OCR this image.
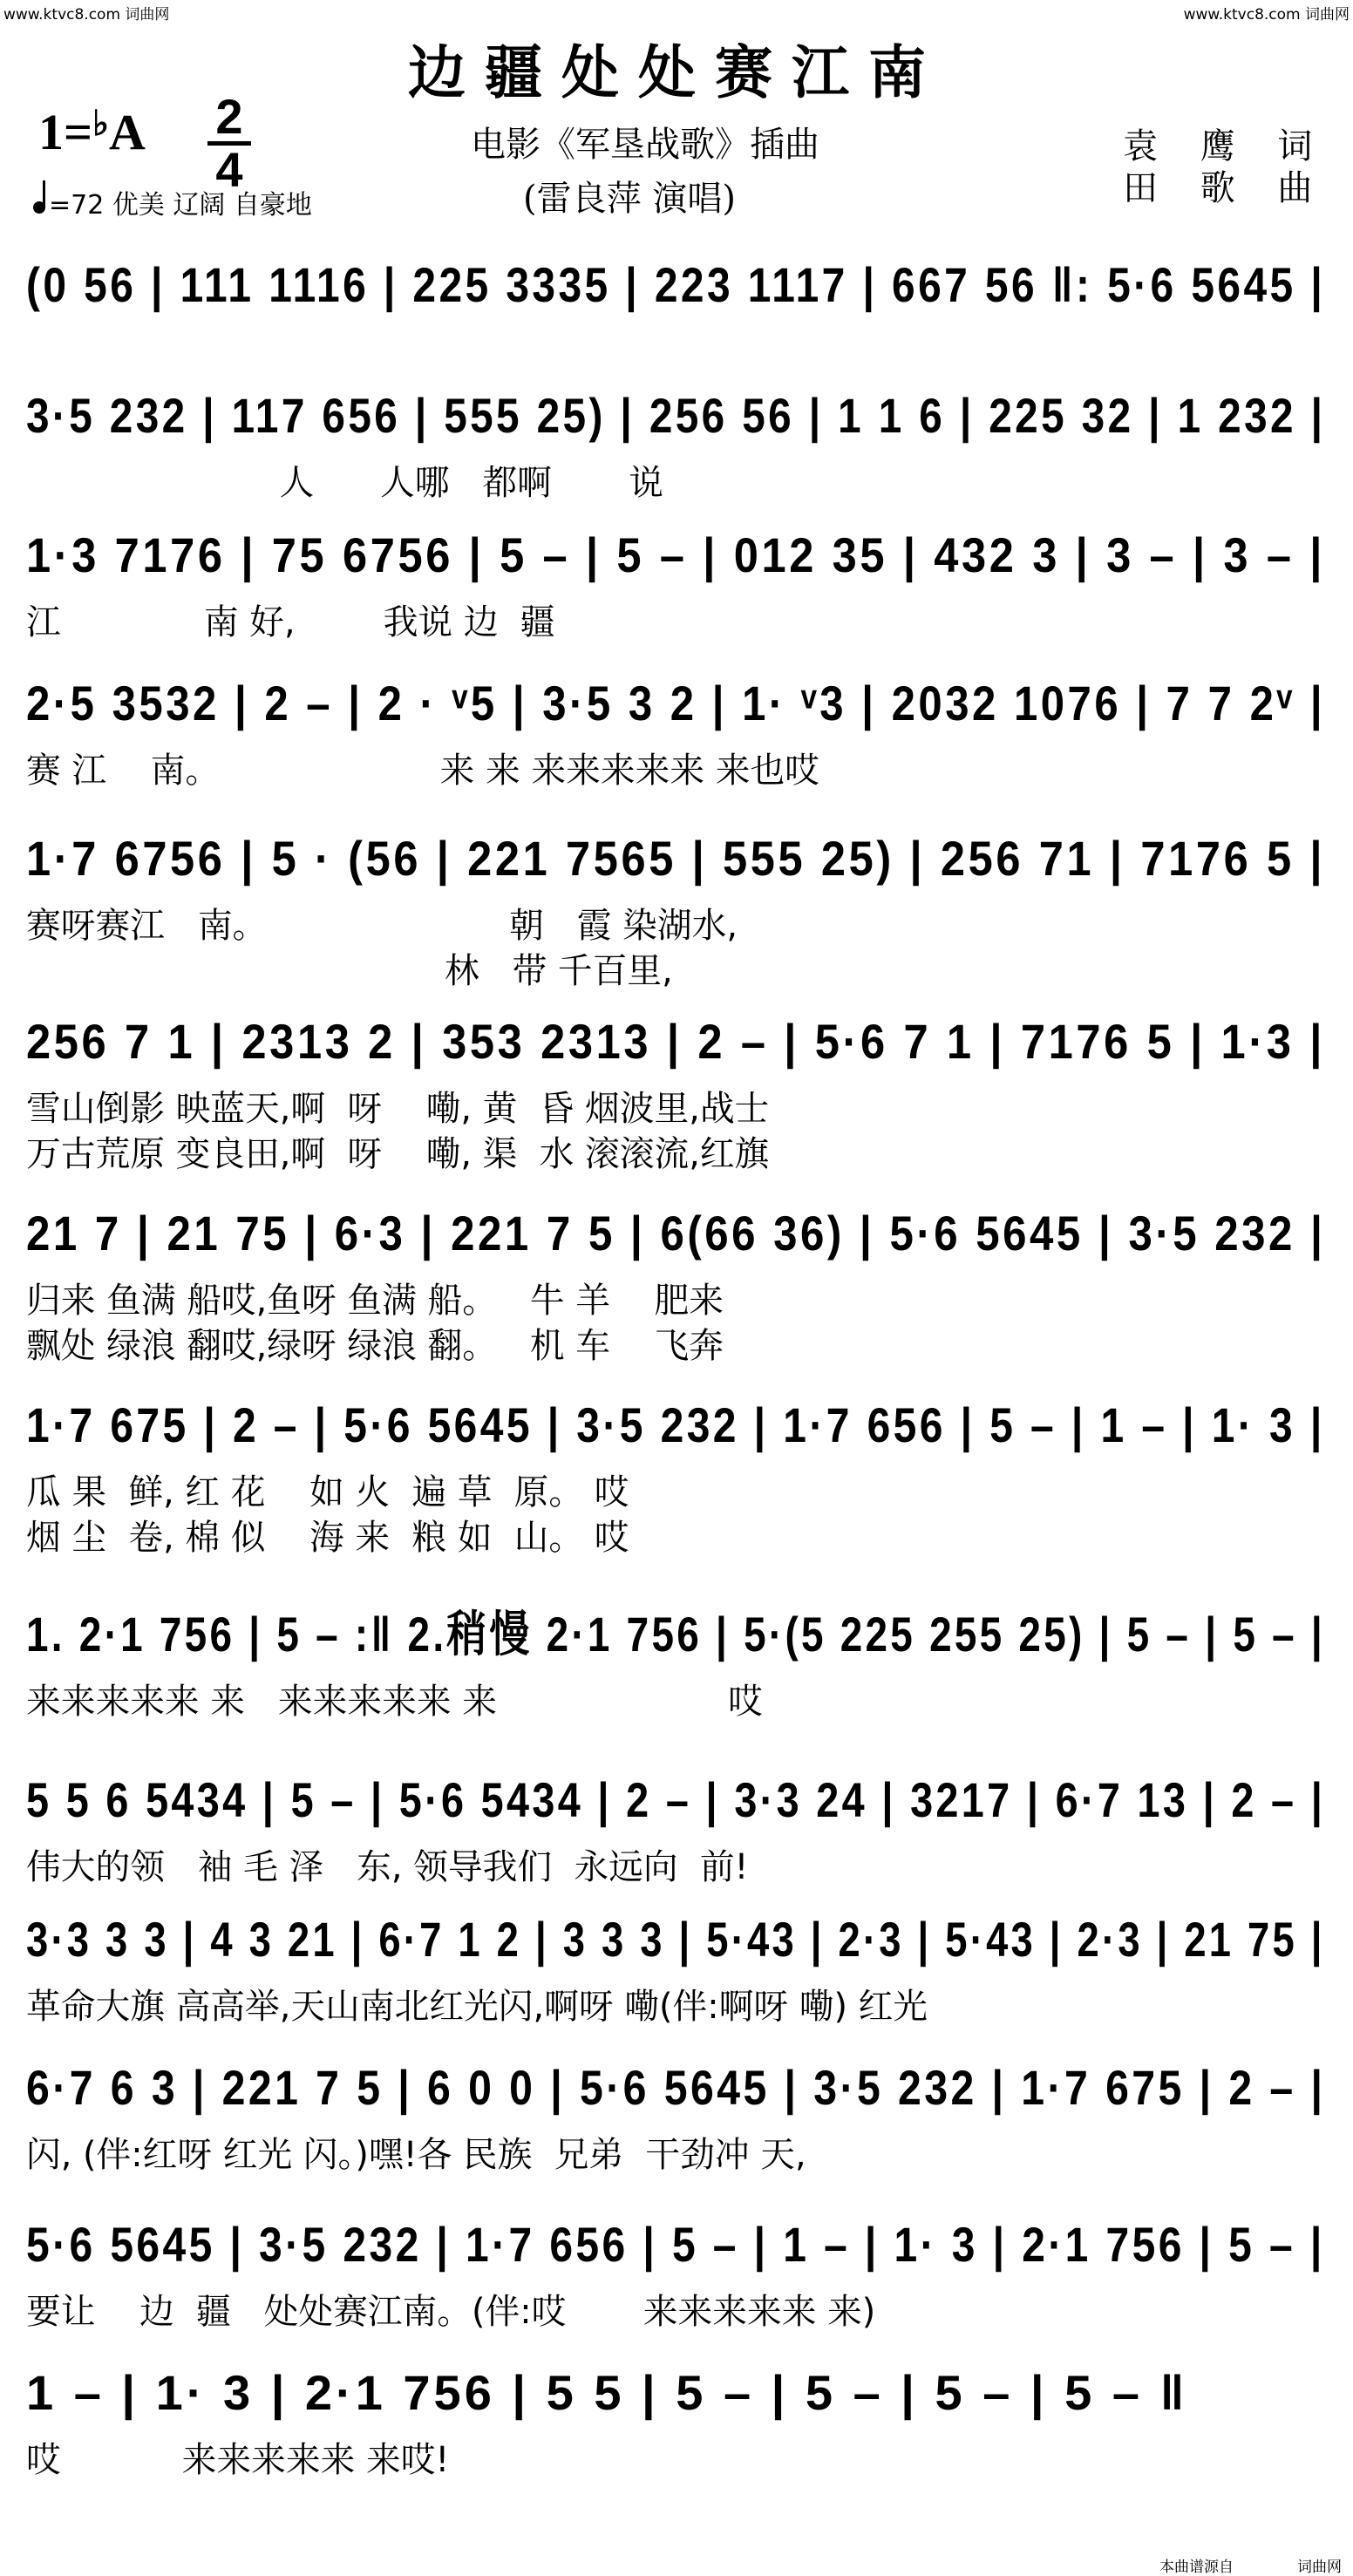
www.ktvc8.com 词曲网	www.ktvc8.com 词曲网
边疆处处赛江南
1=♭A 2
4
=72 优美 辽阔 自豪地
电影《军垦战歌》插曲
(雷良萍 演唱)
袁 鹰 词
田 歌 曲
(0 56 | 111 1116 | 225 3335 | 223 1117 | 667 56 ‖: 5·6 5645 |
3·5 232 | 117 656 | 555 25) | 256 56 | 1 1 6 | 225 32 | 1 232 |
人      人哪   都啊       说
1·3 7176 | 75 6756 | 5 – | 5 – | 012 35 | 432 3 | 3 – | 3 – |
江             南 好,        我说 边  疆
2·5 3532 | 2 – | 2 · ᵛ5 | 3·5 3 2 | 1· ᵛ3 | 2032 1076 | 7 7 2ᵛ |
赛 江    南。                    来 来 来来来来来 来也哎
1·7 6756 | 5 · (56 | 221 7565 | 555 25) | 256 71 | 7176 5 |
赛呀赛江   南。                      朝   霞 染湖水,
林   带 千百里,
256 7 1 | 2313 2 | 353 2313 | 2 – | 5·6 7 1 | 7176 5 | 1·3 |
雪山倒影 映蓝天,啊  呀    嘞, 黄  昏 烟波里,战士
万古荒原 变良田,啊  呀    嘞, 渠  水 滚滚流,红旗
21 7 | 21 75 | 6·3 | 221 7 5 | 6(66 36) | 5·6 5645 | 3·5 232 |
归来 鱼满 船哎,鱼呀 鱼满 船。   牛 羊    肥来
飘处 绿浪 翻哎,绿呀 绿浪 翻。   机 车    飞奔
1·7 675 | 2 – | 5·6 5645 | 3·5 232 | 1·7 656 | 5 – | 1 – | 1· 3 |
瓜 果  鲜, 红 花    如 火  遍 草  原。 哎
烟 尘  卷, 棉 似    海 来  粮 如  山。 哎
1. 2·1 756 | 5 – :‖ 2.稍慢 2·1 756 | 5·(5 225 255 25) | 5 – | 5 – |
来来来来来 来   来来来来来 来                     哎
5 5 6 5434 | 5 – | 5·6 5434 | 2 – | 3·3 24 | 3217 | 6·7 13 | 2 – |
伟大的领   袖 毛 泽   东, 领导我们  永远向  前!
3·3 3 3 | 4 3 21 | 6·7 1 2 | 3 3 3 | 5·43 | 2·3 | 5·43 | 2·3 | 21 75 |
革命大旗 高高举,天山南北红光闪,啊呀 嘞(伴:啊呀 嘞) 红光
6·7 6 3 | 221 7 5 | 6 0 0 | 5·6 5645 | 3·5 232 | 1·7 675 | 2 – |
闪, (伴:红呀 红光 闪。)嘿!各 民族  兄弟  干劲冲 天,
5·6 5645 | 3·5 232 | 1·7 656 | 5 – | 1 – | 1· 3 | 2·1 756 | 5 – |
要让    边  疆   处处赛江南。(伴:哎       来来来来来 来)
1 – | 1· 3 | 2·1 756 | 5 5 | 5 – | 5 – | 5 – | 5 – ‖
哎           来来来来来 来哎!
本曲谱源自	词曲网
